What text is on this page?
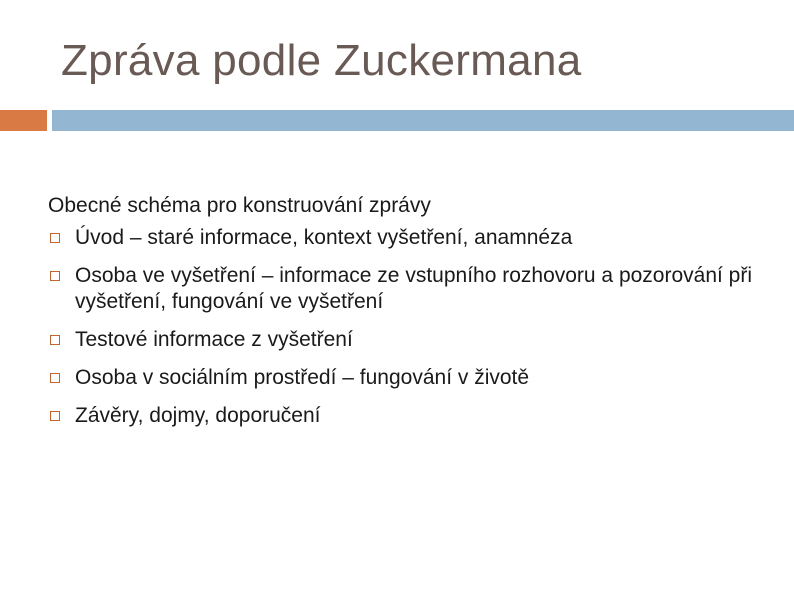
Zpráva podle Zuckermana

Obecné schéma pro konstruování zprávy

Úvod – staré informace, kontext vyšetření, anamnéza
Osoba ve vyšetření – informace ze vstupního rozhovoru a pozorování při vyšetření, fungování ve vyšetření
Testové informace z vyšetření
Osoba v sociálním prostředí – fungování v životě
Závěry, dojmy, doporučení
